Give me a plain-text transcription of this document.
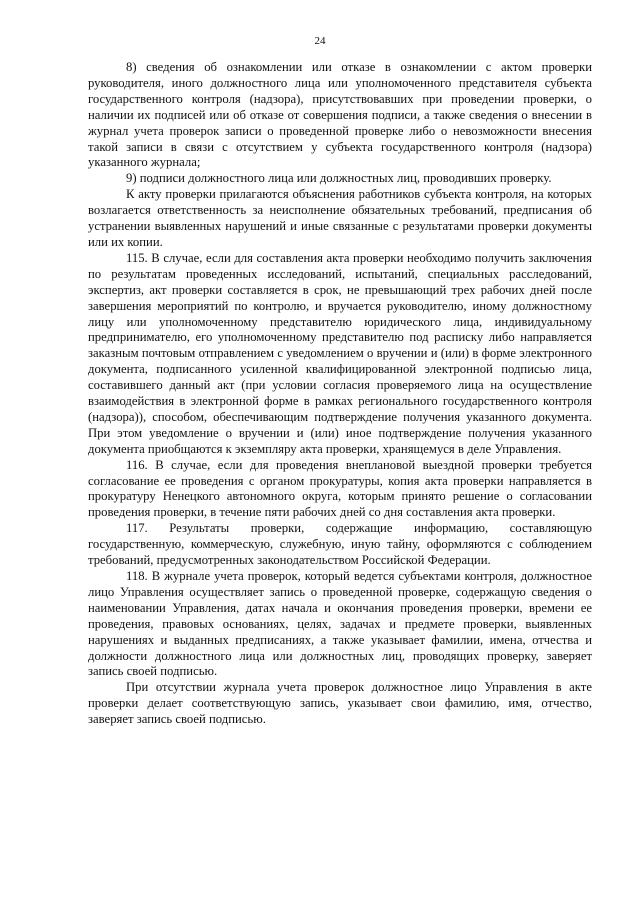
24

8) сведения об ознакомлении или отказе в ознакомлении с актом проверки руководителя, иного должностного лица или уполномоченного представителя субъекта государственного контроля (надзора), присутствовавших при проведении проверки, о наличии их подписей или об отказе от совершения подписи, а также сведения о внесении в журнал учета проверок записи о проведенной проверке либо о невозможности внесения такой записи в связи с отсутствием у субъекта государственного контроля (надзора) указанного журнала;

9) подписи должностного лица или должностных лиц, проводивших проверку.

К акту проверки прилагаются объяснения работников субъекта контроля, на которых возлагается ответственность за неисполнение обязательных требований, предписания об устранении выявленных нарушений и иные связанные с результатами проверки документы или их копии.

115. В случае, если для составления акта проверки необходимо получить заключения по результатам проведенных исследований, испытаний, специальных расследований, экспертиз, акт проверки составляется в срок, не превышающий трех рабочих дней после завершения мероприятий по контролю, и вручается руководителю, иному должностному лицу или уполномоченному представителю юридического лица, индивидуальному предпринимателю, его уполномоченному представителю под расписку либо направляется заказным почтовым отправлением с уведомлением о вручении и (или) в форме электронного документа, подписанного усиленной квалифицированной электронной подписью лица, составившего данный акт (при условии согласия проверяемого лица на осуществление взаимодействия в электронной форме в рамках регионального государственного контроля (надзора)), способом, обеспечивающим подтверждение получения указанного документа. При этом уведомление о вручении и (или) иное подтверждение получения указанного документа приобщаются к экземпляру акта проверки, хранящемуся в деле Управления.

116. В случае, если для проведения внеплановой выездной проверки требуется согласование ее проведения с органом прокуратуры, копия акта проверки направляется в прокуратуру Ненецкого автономного округа, которым принято решение о согласовании проведения проверки, в течение пяти рабочих дней со дня составления акта проверки.

117. Результаты проверки, содержащие информацию, составляющую государственную, коммерческую, служебную, иную тайну, оформляются с соблюдением требований, предусмотренных законодательством Российской Федерации.

118. В журнале учета проверок, который ведется субъектами контроля, должностное лицо Управления осуществляет запись о проведенной проверке, содержащую сведения о наименовании Управления, датах начала и окончания проведения проверки, времени ее проведения, правовых основаниях, целях, задачах и предмете проверки, выявленных нарушениях и выданных предписаниях, а также указывает фамилии, имена, отчества и должности должностного лица или должностных лиц, проводящих проверку, заверяет запись своей подписью.

При отсутствии журнала учета проверок должностное лицо Управления в акте проверки делает соответствующую запись, указывает свои фамилию, имя, отчество, заверяет запись своей подписью.
